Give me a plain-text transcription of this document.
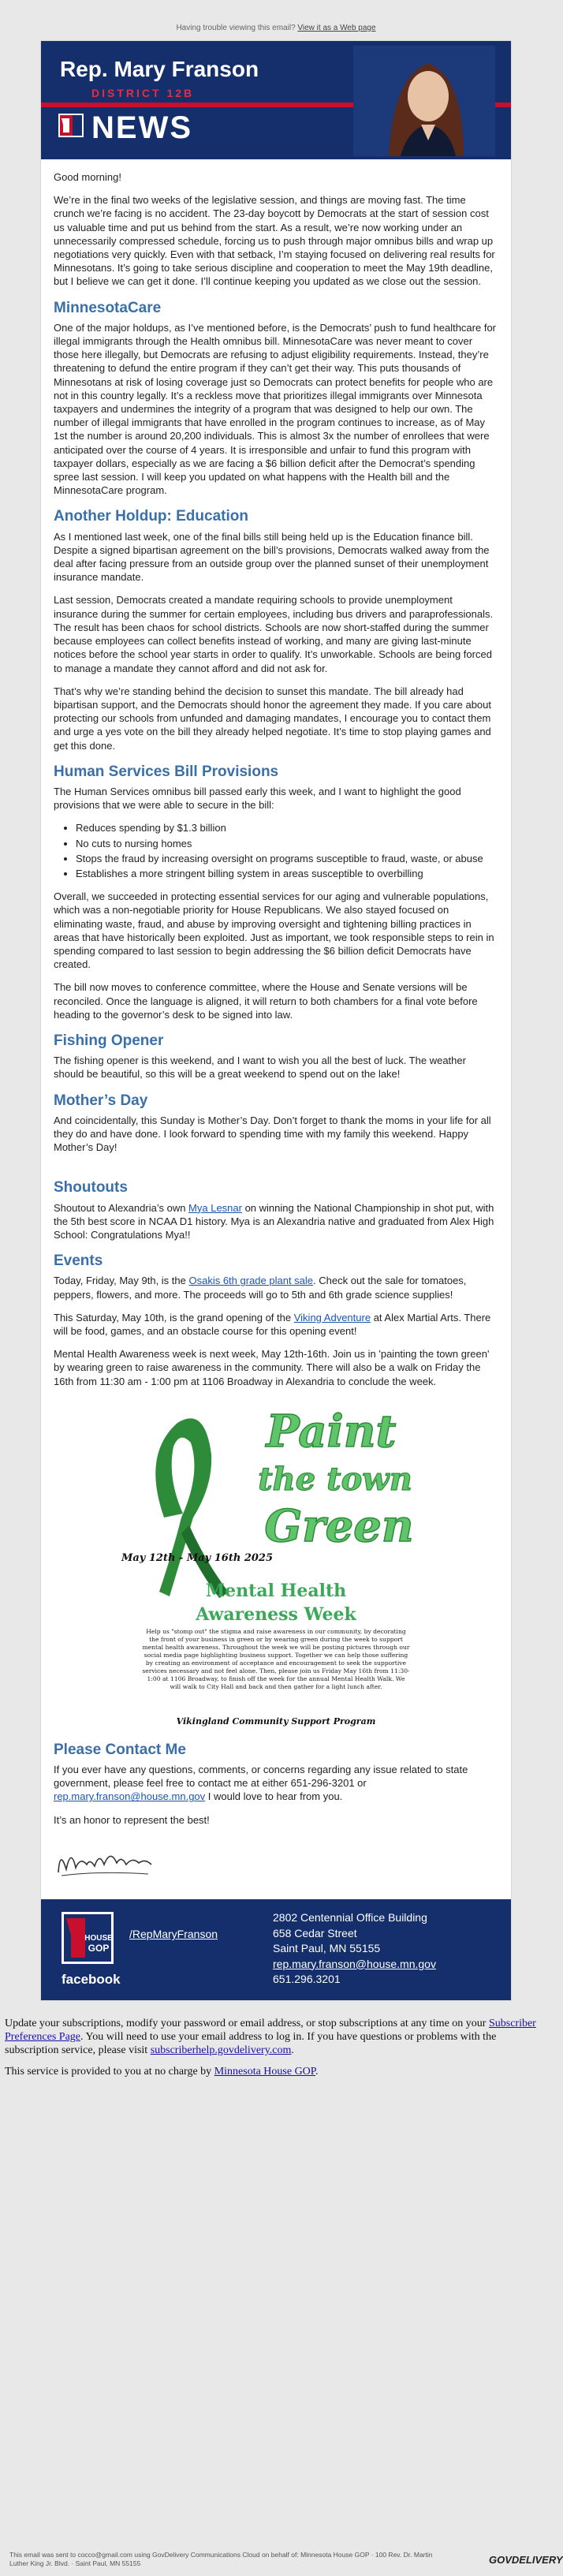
Having trouble viewing this email? View it as a Web page
Rep. Mary Franson
DISTRICT 12B
NEWS

Good morning!

We’re in the final two weeks of the legislative session, and things are moving fast. The time crunch we’re facing is no accident. The 23-day boycott by Democrats at the start of session cost us valuable time and put us behind from the start. As a result, we’re now working under an unnecessarily compressed schedule, forcing us to push through major omnibus bills and wrap up negotiations very quickly. Even with that setback, I’m staying focused on delivering real results for Minnesotans. It’s going to take serious discipline and cooperation to meet the May 19th deadline, but I believe we can get it done. I’ll continue keeping you updated as we close out the session.

MinnesotaCare

One of the major holdups, as I’ve mentioned before, is the Democrats’ push to fund healthcare for illegal immigrants through the Health omnibus bill. MinnesotaCare was never meant to cover those here illegally, but Democrats are refusing to adjust eligibility requirements. Instead, they’re threatening to defund the entire program if they can’t get their way. This puts thousands of Minnesotans at risk of losing coverage just so Democrats can protect benefits for people who are not in this country legally. It’s a reckless move that prioritizes illegal immigrants over Minnesota taxpayers and undermines the integrity of a program that was designed to help our own. The number of illegal immigrants that have enrolled in the program continues to increase, as of May 1st the number is around 20,200 individuals. This is almost 3x the number of enrollees that were anticipated over the course of 4 years. It is irresponsible and unfair to fund this program with taxpayer dollars, especially as we are facing a $6 billion deficit after the Democrat’s spending spree last session. I will keep you updated on what happens with the Health bill and the MinnesotaCare program.

Another Holdup: Education

As I mentioned last week, one of the final bills still being held up is the Education finance bill. Despite a signed bipartisan agreement on the bill’s provisions, Democrats walked away from the deal after facing pressure from an outside group over the planned sunset of their unemployment insurance mandate.

Last session, Democrats created a mandate requiring schools to provide unemployment insurance during the summer for certain employees, including bus drivers and paraprofessionals. The result has been chaos for school districts. Schools are now short-staffed during the summer because employees can collect benefits instead of working, and many are giving last-minute notices before the school year starts in order to qualify. It’s unworkable. Schools are being forced to manage a mandate they cannot afford and did not ask for.

That’s why we’re standing behind the decision to sunset this mandate. The bill already had bipartisan support, and the Democrats should honor the agreement they made. If you care about protecting our schools from unfunded and damaging mandates, I encourage you to contact them and urge a yes vote on the bill they already helped negotiate. It’s time to stop playing games and get this done.

Human Services Bill Provisions

The Human Services omnibus bill passed early this week, and I want to highlight the good provisions that we were able to secure in the bill:

• Reduces spending by $1.3 billion
• No cuts to nursing homes
• Stops the fraud by increasing oversight on programs susceptible to fraud, waste, or abuse
• Establishes a more stringent billing system in areas susceptible to overbilling

Overall, we succeeded in protecting essential services for our aging and vulnerable populations, which was a non-negotiable priority for House Republicans. We also stayed focused on eliminating waste, fraud, and abuse by improving oversight and tightening billing practices in areas that have historically been exploited. Just as important, we took responsible steps to rein in spending compared to last session to begin addressing the $6 billion deficit Democrats have created.

The bill now moves to conference committee, where the House and Senate versions will be reconciled. Once the language is aligned, it will return to both chambers for a final vote before heading to the governor’s desk to be signed into law.

Fishing Opener

The fishing opener is this weekend, and I want to wish you all the best of luck. The weather should be beautiful, so this will be a great weekend to spend out on the lake!

Mother’s Day

And coincidentally, this Sunday is Mother’s Day. Don’t forget to thank the moms in your life for all they do and have done. I look forward to spending time with my family this weekend. Happy Mother’s Day!

Shoutouts

Shoutout to Alexandria’s own Mya Lesnar on winning the National Championship in shot put, with the 5th best score in NCAA D1 history. Mya is an Alexandria native and graduated from Alex High School: Congratulations Mya!!

Events

Today, Friday, May 9th, is the Osakis 6th grade plant sale. Check out the sale for tomatoes, peppers, flowers, and more. The proceeds will go to 5th and 6th grade science supplies!

This Saturday, May 10th, is the grand opening of the Viking Adventure at Alex Martial Arts. There will be food, games, and an obstacle course for this opening event!

Mental Health Awareness week is next week, May 12th-16th. Join us in 'painting the town green' by wearing green to raise awareness in the community. There will also be a walk on Friday the 16th from 11:30 am - 1:00 pm at 1106 Broadway in Alexandria to conclude the week.

Paint
the town
Green
May 12th - May 16th 2025
Mental Health
Awareness Week
Help us "stomp out" the stigma and raise awareness in our community, by decorating the front of your business in green or by wearing green during the week to support mental health awareness. Throughout the week we will be posting pictures through our social media page highlighting business support. Together we can help those suffering by creating an environment of acceptance and encouragement to seek the supportive services necessary and not feel alone. Then, please join us Friday May 16th from 11:30-1:00 at 1106 Broadway, to finish off the week for the annual Mental Health Walk. We will walk to City Hall and back and then gather for a light lunch after.
Vikingland Community Support Program
Please Contact Me

If you ever have any questions, comments, or concerns regarding any issue related to state government, please feel free to contact me at either 651-296-3201 or rep.mary.franson@house.mn.gov I would love to hear from you.

It’s an honor to represent the best!

HOUSE
GOP
facebook
/RepMaryFranson
2802 Centennial Office Building
658 Cedar Street
Saint Paul, MN 55155
rep.mary.franson@house.mn.gov
651.296.3201

Update your subscriptions, modify your password or email address, or stop subscriptions at any time on your Subscriber Preferences Page. You will need to use your email address to log in. If you have questions or problems with the subscription service, please visit subscriberhelp.govdelivery.com.

This service is provided to you at no charge by Minnesota House GOP.

This email was sent to cocco@gmail.com using GovDelivery Communications Cloud on behalf of: Minnesota House GOP · 100 Rev. Dr. Martin Luther King Jr. Blvd. · Saint Paul, MN 55155	GOVDELIVERY
